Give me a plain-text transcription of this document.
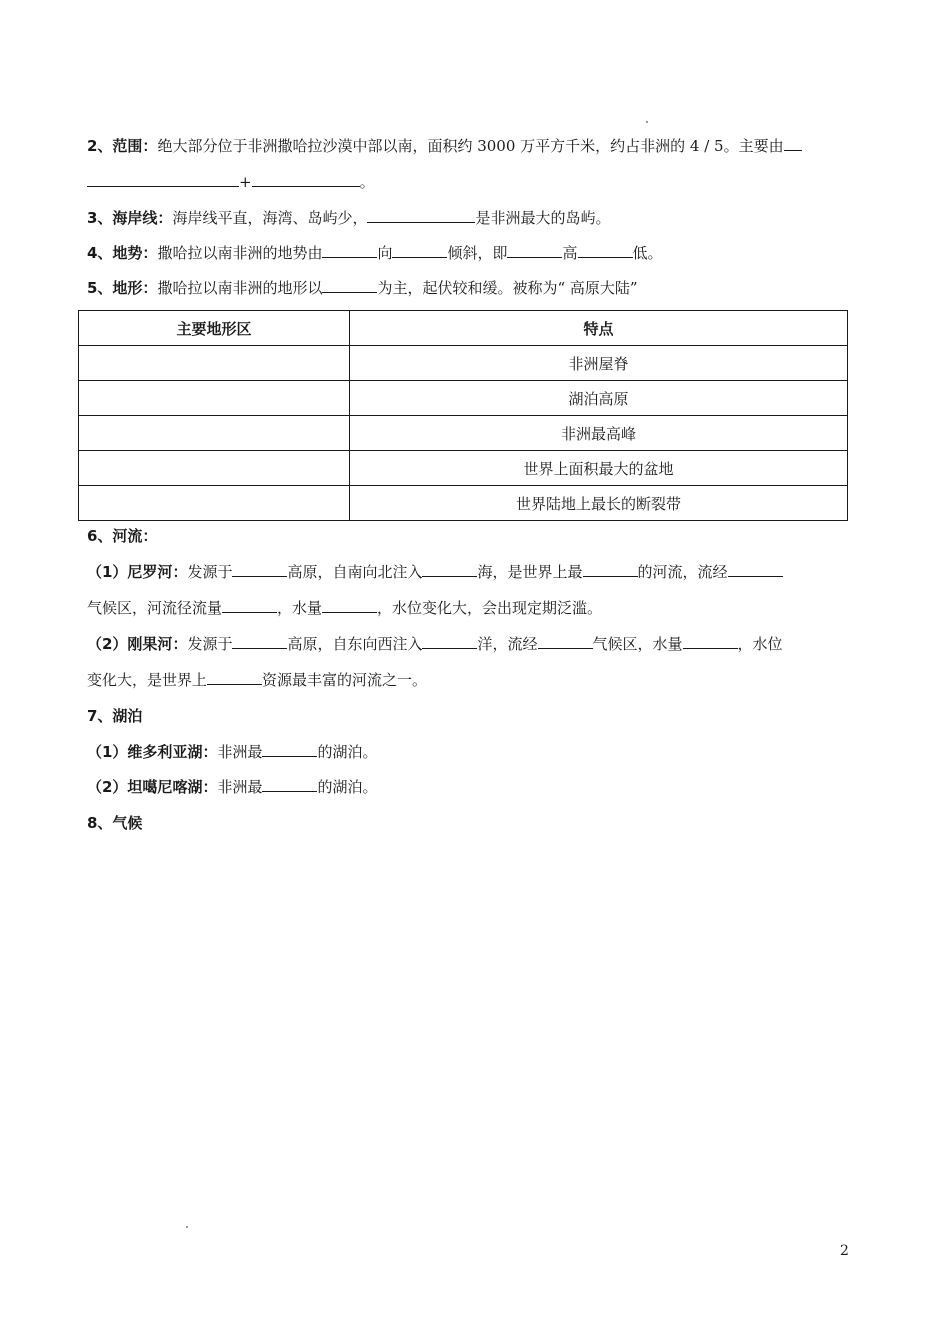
2、范围：绝大部分位于非洲撒哈拉沙漠中部以南，面积约 3000 万平方千米，约占非洲的 4 / 5。主要由
+	。
3、海岸线：海岸线平直，海湾、岛屿少，	是非洲最大的岛屿。
4、地势：撒哈拉以南非洲的地势由	向	倾斜，即	高	低。
5、地形：撒哈拉以南非洲的地形以	为主，起伏较和缓。被称为“ 高原大陆”
主要地形区	特点
	非洲屋脊
	湖泊高原
	非洲最高峰
	世界上面积最大的盆地
	世界陆地上最长的断裂带
6、河流：
（1）尼罗河：发源于	高原，自南向北注入	海，是世界上最	的河流，流经
气候区，河流径流量	，水量	，水位变化大，会出现定期泛滥。
（2）刚果河：发源于	高原，自东向西注入	洋，流经	气候区，水量	，水位
变化大，是世界上	资源最丰富的河流之一。
7、湖泊
（1）维多利亚湖：非洲最	的湖泊。
（2）坦噶尼喀湖：非洲最	的湖泊。
8、气候
2
